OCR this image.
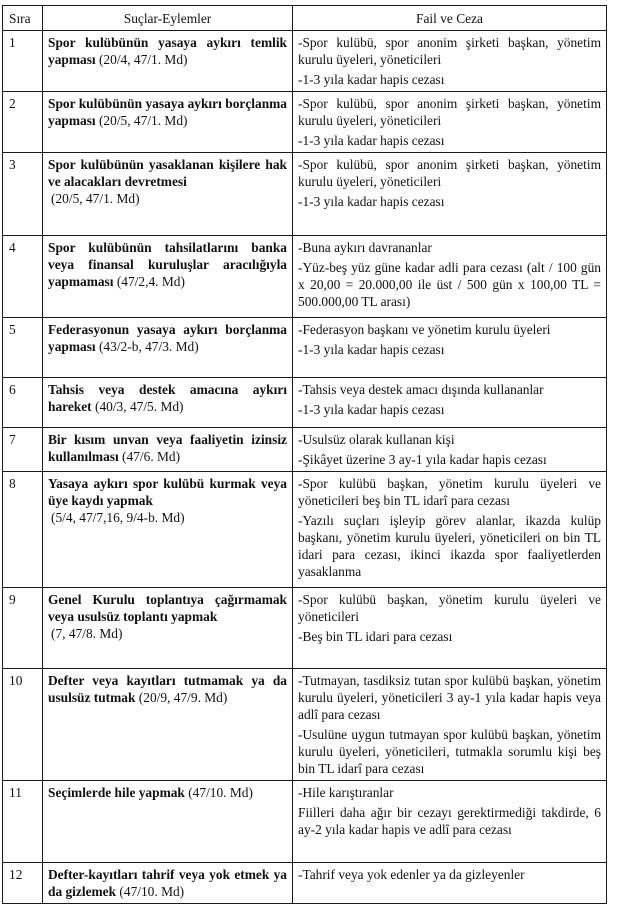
Sıra	Suçlar-Eylemler	Fail ve Ceza
1	Spor kulübünün yasaya aykırı temlik yapması (20/4, 47/1. Md)	-Spor kulübü, spor anonim şirketi başkan, yönetim kurulu üyeleri, yöneticileri
-1-3 yıla kadar hapis cezası

2	Spor kulübünün yasaya aykırı borçlanma yapması (20/5, 47/1. Md)	-Spor kulübü, spor anonim şirketi başkan, yönetim kurulu üyeleri, yöneticileri
-1-3 yıla kadar hapis cezası

3	Spor kulübünün yasaklanan kişilere hak ve alacakları devretmesi
(20/5, 47/1. Md)	-Spor kulübü, spor anonim şirketi başkan, yönetim kurulu üyeleri, yöneticileri
-1-3 yıla kadar hapis cezası

4	Spor kulübünün tahsilatlarını banka veya finansal kuruluşlar aracılığıyla yapmaması (47/2,4. Md)	-Buna aykırı davrananlar
-Yüz-beş yüz güne kadar adli para cezası (alt / 100 gün x 20,00 = 20.000,00 ile üst / 500 gün x 100,00 TL = 500.000,00 TL arası)

5	Federasyonun yasaya aykırı borçlanma yapması (43/2-b, 47/3. Md)	-Federasyon başkanı ve yönetim kurulu üyeleri
-1-3 yıla kadar hapis cezası

6	Tahsis veya destek amacına aykırı hareket (40/3, 47/5. Md)	-Tahsis veya destek amacı dışında kullananlar
-1-3 yıla kadar hapis cezası

7	Bir kısım unvan veya faaliyetin izinsiz kullanılması (47/6. Md)	-Usulsüz olarak kullanan kişi
-Şikâyet üzerine 3 ay-1 yıla kadar hapis cezası

8	Yasaya aykırı spor kulübü kurmak veya üye kaydı yapmak
(5/4, 47/7,16, 9/4-b. Md)	-Spor kulübü başkan, yönetim kurulu üyeleri ve yöneticileri beş bin TL idarî para cezası
-Yazılı suçları işleyip görev alanlar, ikazda kulüp başkanı, yönetim kurulu üyeleri, yöneticileri on bin TL idari para cezası, ikinci ikazda spor faaliyetlerden yasaklanma

9	Genel Kurulu toplantıya çağırmamak veya usulsüz toplantı yapmak
(7, 47/8. Md)	-Spor kulübü başkan, yönetim kurulu üyeleri ve yöneticileri
-Beş bin TL idari para cezası

10	Defter veya kayıtları tutmamak ya da usulsüz tutmak (20/9, 47/9. Md)	-Tutmayan, tasdiksiz tutan spor kulübü başkan, yönetim kurulu üyeleri, yöneticileri 3 ay-1 yıla kadar hapis veya adlî para cezası
-Usulüne uygun tutmayan spor kulübü başkan, yönetim kurulu üyeleri, yöneticileri, tutmakla sorumlu kişi beş bin TL idarî para cezası

11	Seçimlerde hile yapmak (47/10. Md)	-Hile karıştıranlar
Fiilleri daha ağır bir cezayı gerektirmediği takdirde, 6 ay-2 yıla kadar hapis ve adlî para cezası

12	Defter-kayıtları tahrif veya yok etmek ya da gizlemek (47/10. Md)	-Tahrif veya yok edenler ya da gizleyenler
